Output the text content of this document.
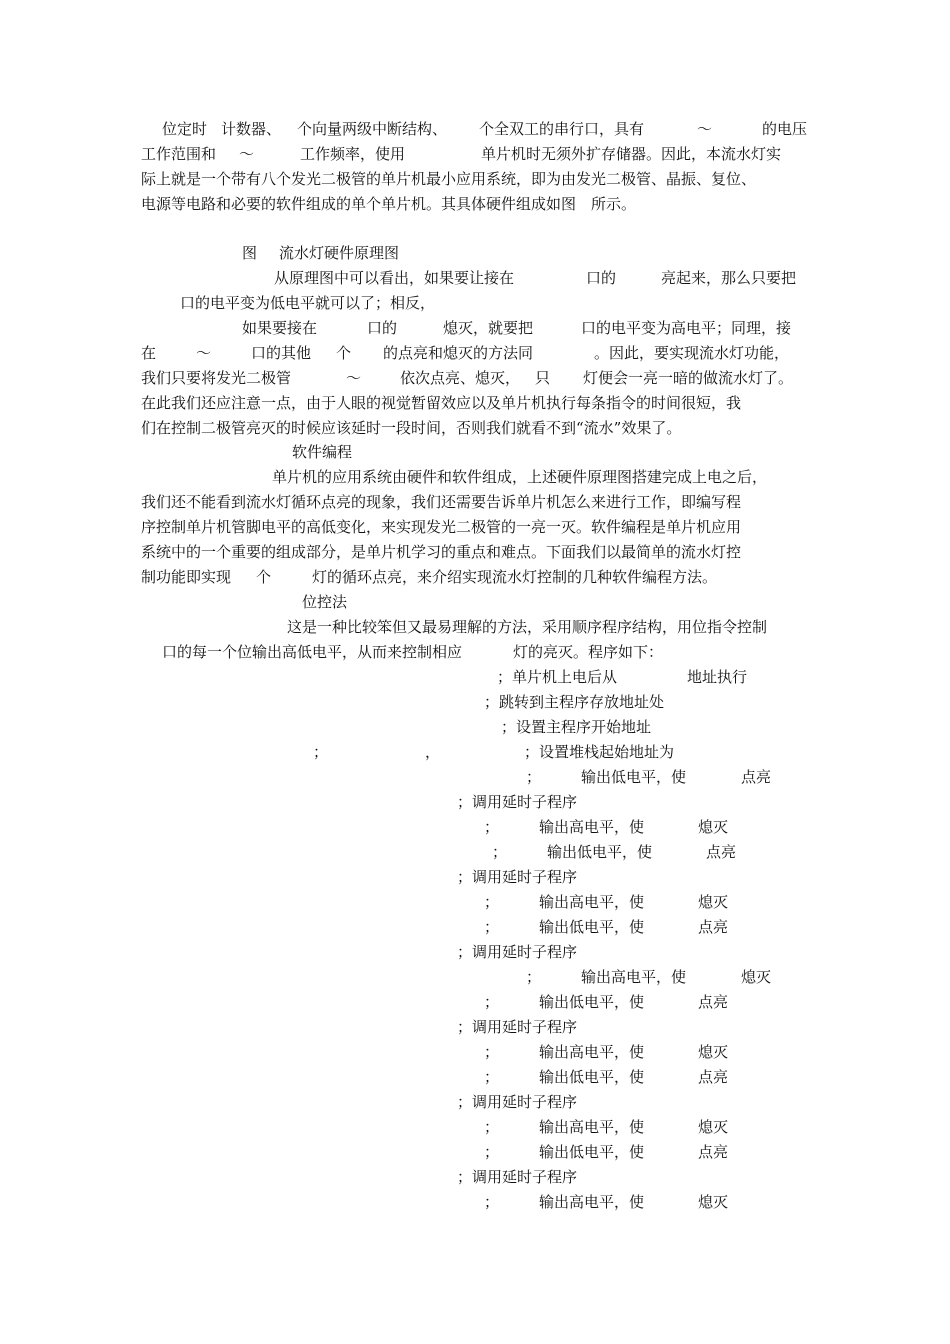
位定时 计数器、 个向量两级中断结构、 个全双工的串行口，具有	～	的电压
工作范围和 ～	工作频率，使用	单片机时无须外扩存储器。因此，本流水灯实
际上就是一个带有八个发光二极管的单片机最小应用系统，即为由发光二极管、晶振、复位、
电源等电路和必要的软件组成的单个单片机。其具体硬件组成如图　所示。
图 流水灯硬件原理图
从原理图中可以看出，如果要让接在	口的	亮起来，那么只要把
口的电平变为低电平就可以了；相反，
如果要接在	口的	熄灭，就要把	口的电平变为高电平；同理，接
在	～	口的其他 个 的点亮和熄灭的方法同	。因此，要实现流水灯功能，
我们只要将发光二极管	～	依次点亮、熄灭， 只 灯便会一亮一暗的做流水灯了。
在此我们还应注意一点，由于人眼的视觉暂留效应以及单片机执行每条指令的时间很短，我
们在控制二极管亮灭的时候应该延时一段时间，否则我们就看不到“流水”效果了。
软件编程
单片机的应用系统由硬件和软件组成，上述硬件原理图搭建完成上电之后，
我们还不能看到流水灯循环点亮的现象，我们还需要告诉单片机怎么来进行工作，即编写程
序控制单片机管脚电平的高低变化，来实现发光二极管的一亮一灭。软件编程是单片机应用
系统中的一个重要的组成部分，是单片机学习的重点和难点。下面我们以最简单的流水灯控
制功能即实现 个	灯的循环点亮，来介绍实现流水灯控制的几种软件编程方法。
位控法
这是一种比较笨但又最易理解的方法，采用顺序程序结构，用位指令控制
口的每一个位输出高低电平，从而来控制相应	灯的亮灭。程序如下：
；单片机上电后从	地址执行
；跳转到主程序存放地址处
；设置主程序开始地址
；	，	；设置堆栈起始地址为
；	输出低电平，使	点亮
；调用延时子程序
；	输出高电平，使	熄灭
；	输出低电平，使	点亮
；调用延时子程序
；	输出高电平，使	熄灭
；	输出低电平，使	点亮
；调用延时子程序
；	输出高电平，使	熄灭
；	输出低电平，使	点亮
；调用延时子程序
；	输出高电平，使	熄灭
；	输出低电平，使	点亮
；调用延时子程序
；	输出高电平，使	熄灭
；	输出低电平，使	点亮
；调用延时子程序
；	输出高电平，使	熄灭
